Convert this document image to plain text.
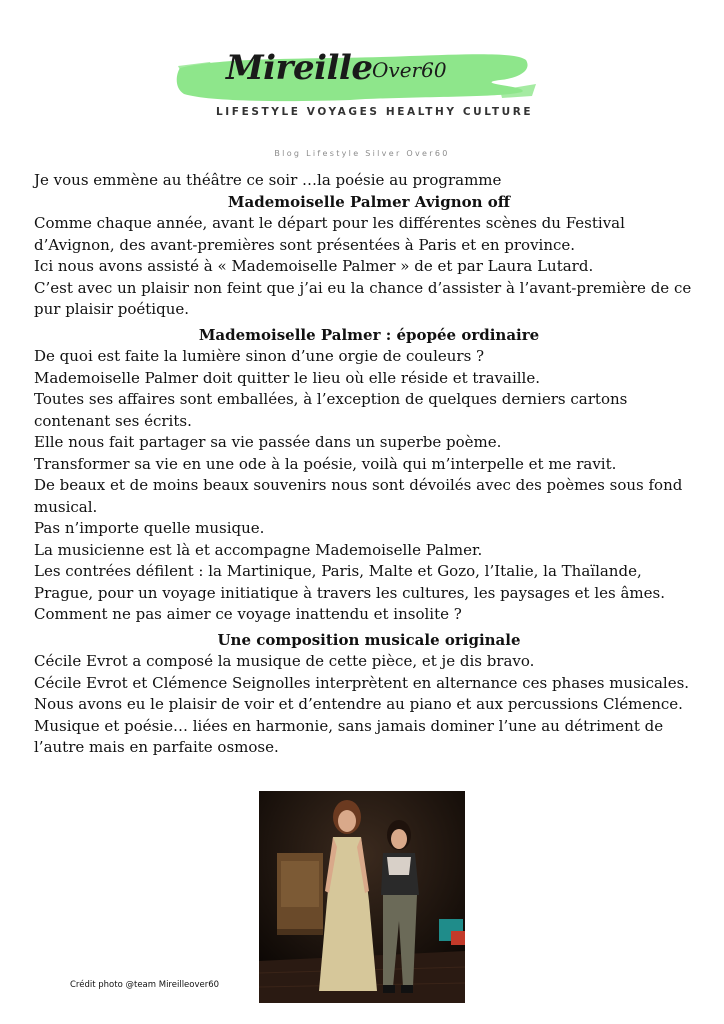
Mireille Over60
LIFESTYLE VOYAGES HEALTHY CULTURE
Blog Lifestyle Silver Over60

Je vous emmène au théâtre ce soir …la poésie au programme

Mademoiselle Palmer Avignon off

Comme chaque année, avant le départ pour les différentes scènes du Festival d’Avignon, des avant-premières sont présentées à Paris et en province.

Ici nous avons assisté à « Mademoiselle Palmer » de et par Laura Lutard.

C’est avec un plaisir non feint que j’ai eu la chance d’assister à l’avant-première de ce pur plaisir poétique.

Mademoiselle Palmer : épopée ordinaire

De quoi est faite la lumière sinon d’une orgie de couleurs ?

Mademoiselle Palmer doit quitter le lieu où elle réside et travaille.

Toutes ses affaires sont emballées, à l’exception de quelques derniers cartons contenant ses écrits.

Elle nous fait partager sa vie passée dans un superbe poème.

Transformer sa vie en une ode à la poésie, voilà qui m’interpelle et me ravit.

De beaux et de moins beaux souvenirs nous sont dévoilés avec des poèmes sous fond musical.

Pas n’importe quelle musique.

La musicienne est là et accompagne Mademoiselle Palmer.

Les contrées défilent : la Martinique, Paris, Malte et Gozo, l’Italie, la Thaïlande, Prague, pour un voyage initiatique à travers les cultures, les paysages et les âmes.

Comment ne pas aimer ce voyage inattendu et insolite ?

Une composition musicale originale

Cécile Evrot a composé la musique de cette pièce, et je dis bravo.

Cécile Evrot et Clémence Seignolles interprètent en alternance ces phases musicales.

Nous avons eu le plaisir de voir et d’entendre au piano et aux percussions Clémence.

Musique et poésie… liées en harmonie, sans jamais dominer l’une au détriment de l’autre mais en parfaite osmose.

Crédit photo @team Mireilleover60
